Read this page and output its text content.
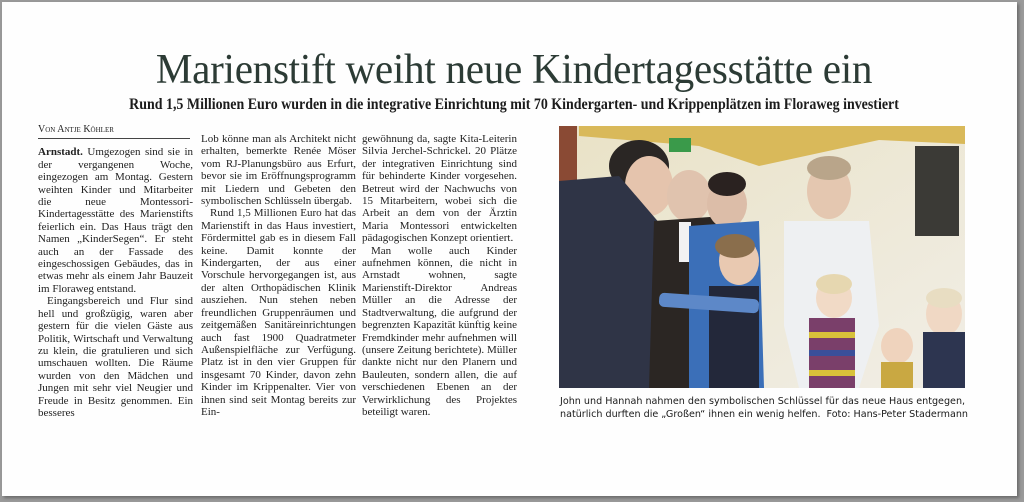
Marienstift weiht neue Kindertagesstätte ein
Rund 1,5 Millionen Euro wurden in die integrative Einrichtung mit 70 Kindergarten- und Krippenplätzen im Floraweg investiert
Von Antje Köhler

Arnstadt. Umgezogen sind sie in der vergangenen Woche, eingezogen am Montag. Gestern weihten Kinder und Mitarbeiter die neue Montessori-Kindertagesstätte des Marienstifts feierlich ein. Das Haus trägt den Namen „KinderSegen“. Er steht auch an der Fassade des eingeschossigen Gebäudes, das in etwas mehr als einem Jahr Bauzeit im Floraweg entstand.

Eingangsbereich und Flur sind hell und großzügig, waren aber gestern für die vielen Gäste aus Politik, Wirtschaft und Verwaltung zu klein, die gratulieren und sich umschauen wollten. Die Räume wurden von den Mädchen und Jungen mit sehr viel Neugier und Freude in Besitz genommen. Ein besseres

Lob könne man als Architekt nicht erhalten, bemerkte Renée Möser vom RJ-Planungsbüro aus Erfurt, bevor sie im Eröffnungsprogramm mit Liedern und Gebeten den symbolischen Schlüsseln übergab.

Rund 1,5 Millionen Euro hat das Marienstift in das Haus investiert, Fördermittel gab es in diesem Fall keine. Damit konnte der Kindergarten, der aus einer Vorschule hervorgegangen ist, aus der alten Orthopädischen Klinik ausziehen. Nun stehen neben freundlichen Gruppenräumen und zeitgemäßen Sanitäreinrichtungen auch fast 1900 Quadratmeter Außenspielfläche zur Verfügung. Platz ist in den vier Gruppen für insgesamt 70 Kinder, davon zehn Kinder im Krippenalter. Vier von ihnen sind seit Montag bereits zur Ein-

gewöhnung da, sagte Kita-Leiterin Silvia Jerchel-Schrickel. 20 Plätze der integrativen Einrichtung sind für behinderte Kinder vorgesehen. Betreut wird der Nachwuchs von 15 Mitarbeitern, wobei sich die Arbeit an dem von der Ärztin Maria Montessori entwickelten pädagogischen Konzept orientiert.

Man wolle auch Kinder aufnehmen können, die nicht in Arnstadt wohnen, sagte Marienstift-Direktor Andreas Müller an die Adresse der Stadtverwaltung, die aufgrund der begrenzten Kapazität künftig keine Fremdkinder mehr aufnehmen will (unsere Zeitung berichtete). Müller dankte nicht nur den Planern und Bauleuten, sondern allen, die auf verschiedenen Ebenen an der Verwirklichung des Projektes beteiligt waren.

John und Hannah nahmen den symbolischen Schlüssel für das neue Haus entgegen, natürlich durften die „Großen“ ihnen ein wenig helfen. Foto: Hans-Peter Stadermann
